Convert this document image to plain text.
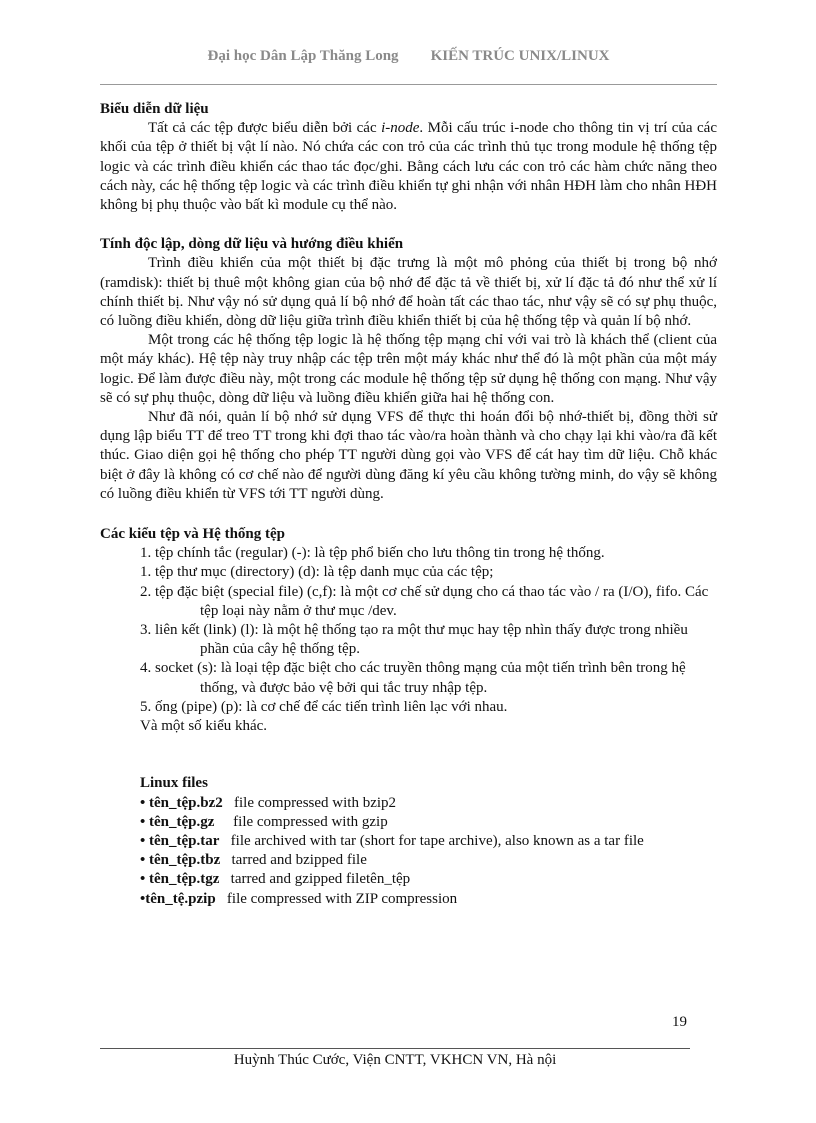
Đại học Dân Lập Thăng Long KIẾN TRÚC UNIX/LINUX
Biểu diễn dữ liệu

Tất cả các tệp được biểu diễn bởi các i-node. Mỗi cấu trúc i-node cho thông tin vị trí của các khối của tệp ở thiết bị vật lí nào. Nó chứa các con trỏ của các trình thủ tục trong module hệ thống tệp logic và các trình điều khiển các thao tác đọc/ghi. Bằng cách lưu các con trỏ các hàm chức năng theo cách này, các hệ thống tệp logic và các trình điều khiển tự ghi nhận với nhân HĐH làm cho nhân HĐH không bị phụ thuộc vào bất kì module cụ thể nào.

Tính độc lập, dòng dữ liệu và hướng điều khiển

Trình điều khiển của một thiết bị đặc trưng là một mô phỏng của thiết bị trong bộ nhớ (ramdisk): thiết bị thuê một không gian của bộ nhớ để đặc tả về thiết bị, xử lí đặc tả đó như thể xử lí chính thiết bị. Như vậy nó sử dụng quả lí bộ nhớ để hoàn tất các thao tác, như vậy sẽ có sự phụ thuộc, có luồng điều khiển, dòng dữ liệu giữa trình điều khiển thiết bị của hệ thống tệp và quản lí bộ nhớ.

Một trong các hệ thống tệp logic là hệ thống tệp mạng chỉ với vai trò là khách thể (client của một máy khác). Hệ tệp này truy nhập các tệp trên một máy khác như thể đó là một phần của một máy logic. Để làm được điều này, một trong các module hệ thống tệp sử dụng hệ thống con mạng. Như vậy sẽ có sự phụ thuộc, dòng dữ liệu và luồng điều khiển giữa hai hệ thống con.

Như đã nói, quản lí bộ nhớ sử dụng VFS để thực thi hoán đổi bộ nhớ-thiết bị, đồng thời sử dụng lập biểu TT để treo TT trong khi đợi thao tác vào/ra hoàn thành và cho chạy lại khi vào/ra đã kết thúc. Giao diện gọi hệ thống cho phép TT người dùng gọi vào VFS để cát hay tìm dữ liệu. Chỗ khác biệt ở đây là không có cơ chế nào để người dùng đăng kí yêu cầu không tường minh, do vậy sẽ không có luồng điều khiển từ VFS tới TT người dùng.

Các kiểu tệp và Hệ thống tệp
1. tệp chính tắc (regular) (-): là tệp phổ biến cho lưu thông tin trong hệ thống.
1. tệp thư mục (directory) (d): là tệp danh mục của các tệp;
2. tệp đặc biệt (special file) (c,f): là một cơ chế sử dụng cho cá thao tác vào / ra (I/O), fifo. Các tệp loại này nằm ở thư mục /dev.
3. liên kết (link) (l): là một hệ thống tạo ra một thư mục hay tệp nhìn thấy được trong nhiều phần của cây hệ thống tệp.
4. socket (s): là loại tệp đặc biệt cho các truyền thông mạng của một tiến trình bên trong hệ thống, và được bảo vệ bởi qui tắc truy nhập tệp.
5. ống (pipe) (p): là cơ chế để các tiến trình liên lạc với nhau.
Và một số kiểu khác.
Linux files
• tên_tệp.bz2 file compressed with bzip2
• tên_tệp.gz file compressed with gzip
• tên_tệp.tar file archived with tar (short for tape archive), also known as a tar file
• tên_tệp.tbz tarred and bzipped file
• tên_tệp.tgz tarred and gzipped filetên_tệp
•tên_tệ.pzip file compressed with ZIP compression
19
Huỳnh Thúc Cước, Viện CNTT, VKHCN VN, Hà nội
